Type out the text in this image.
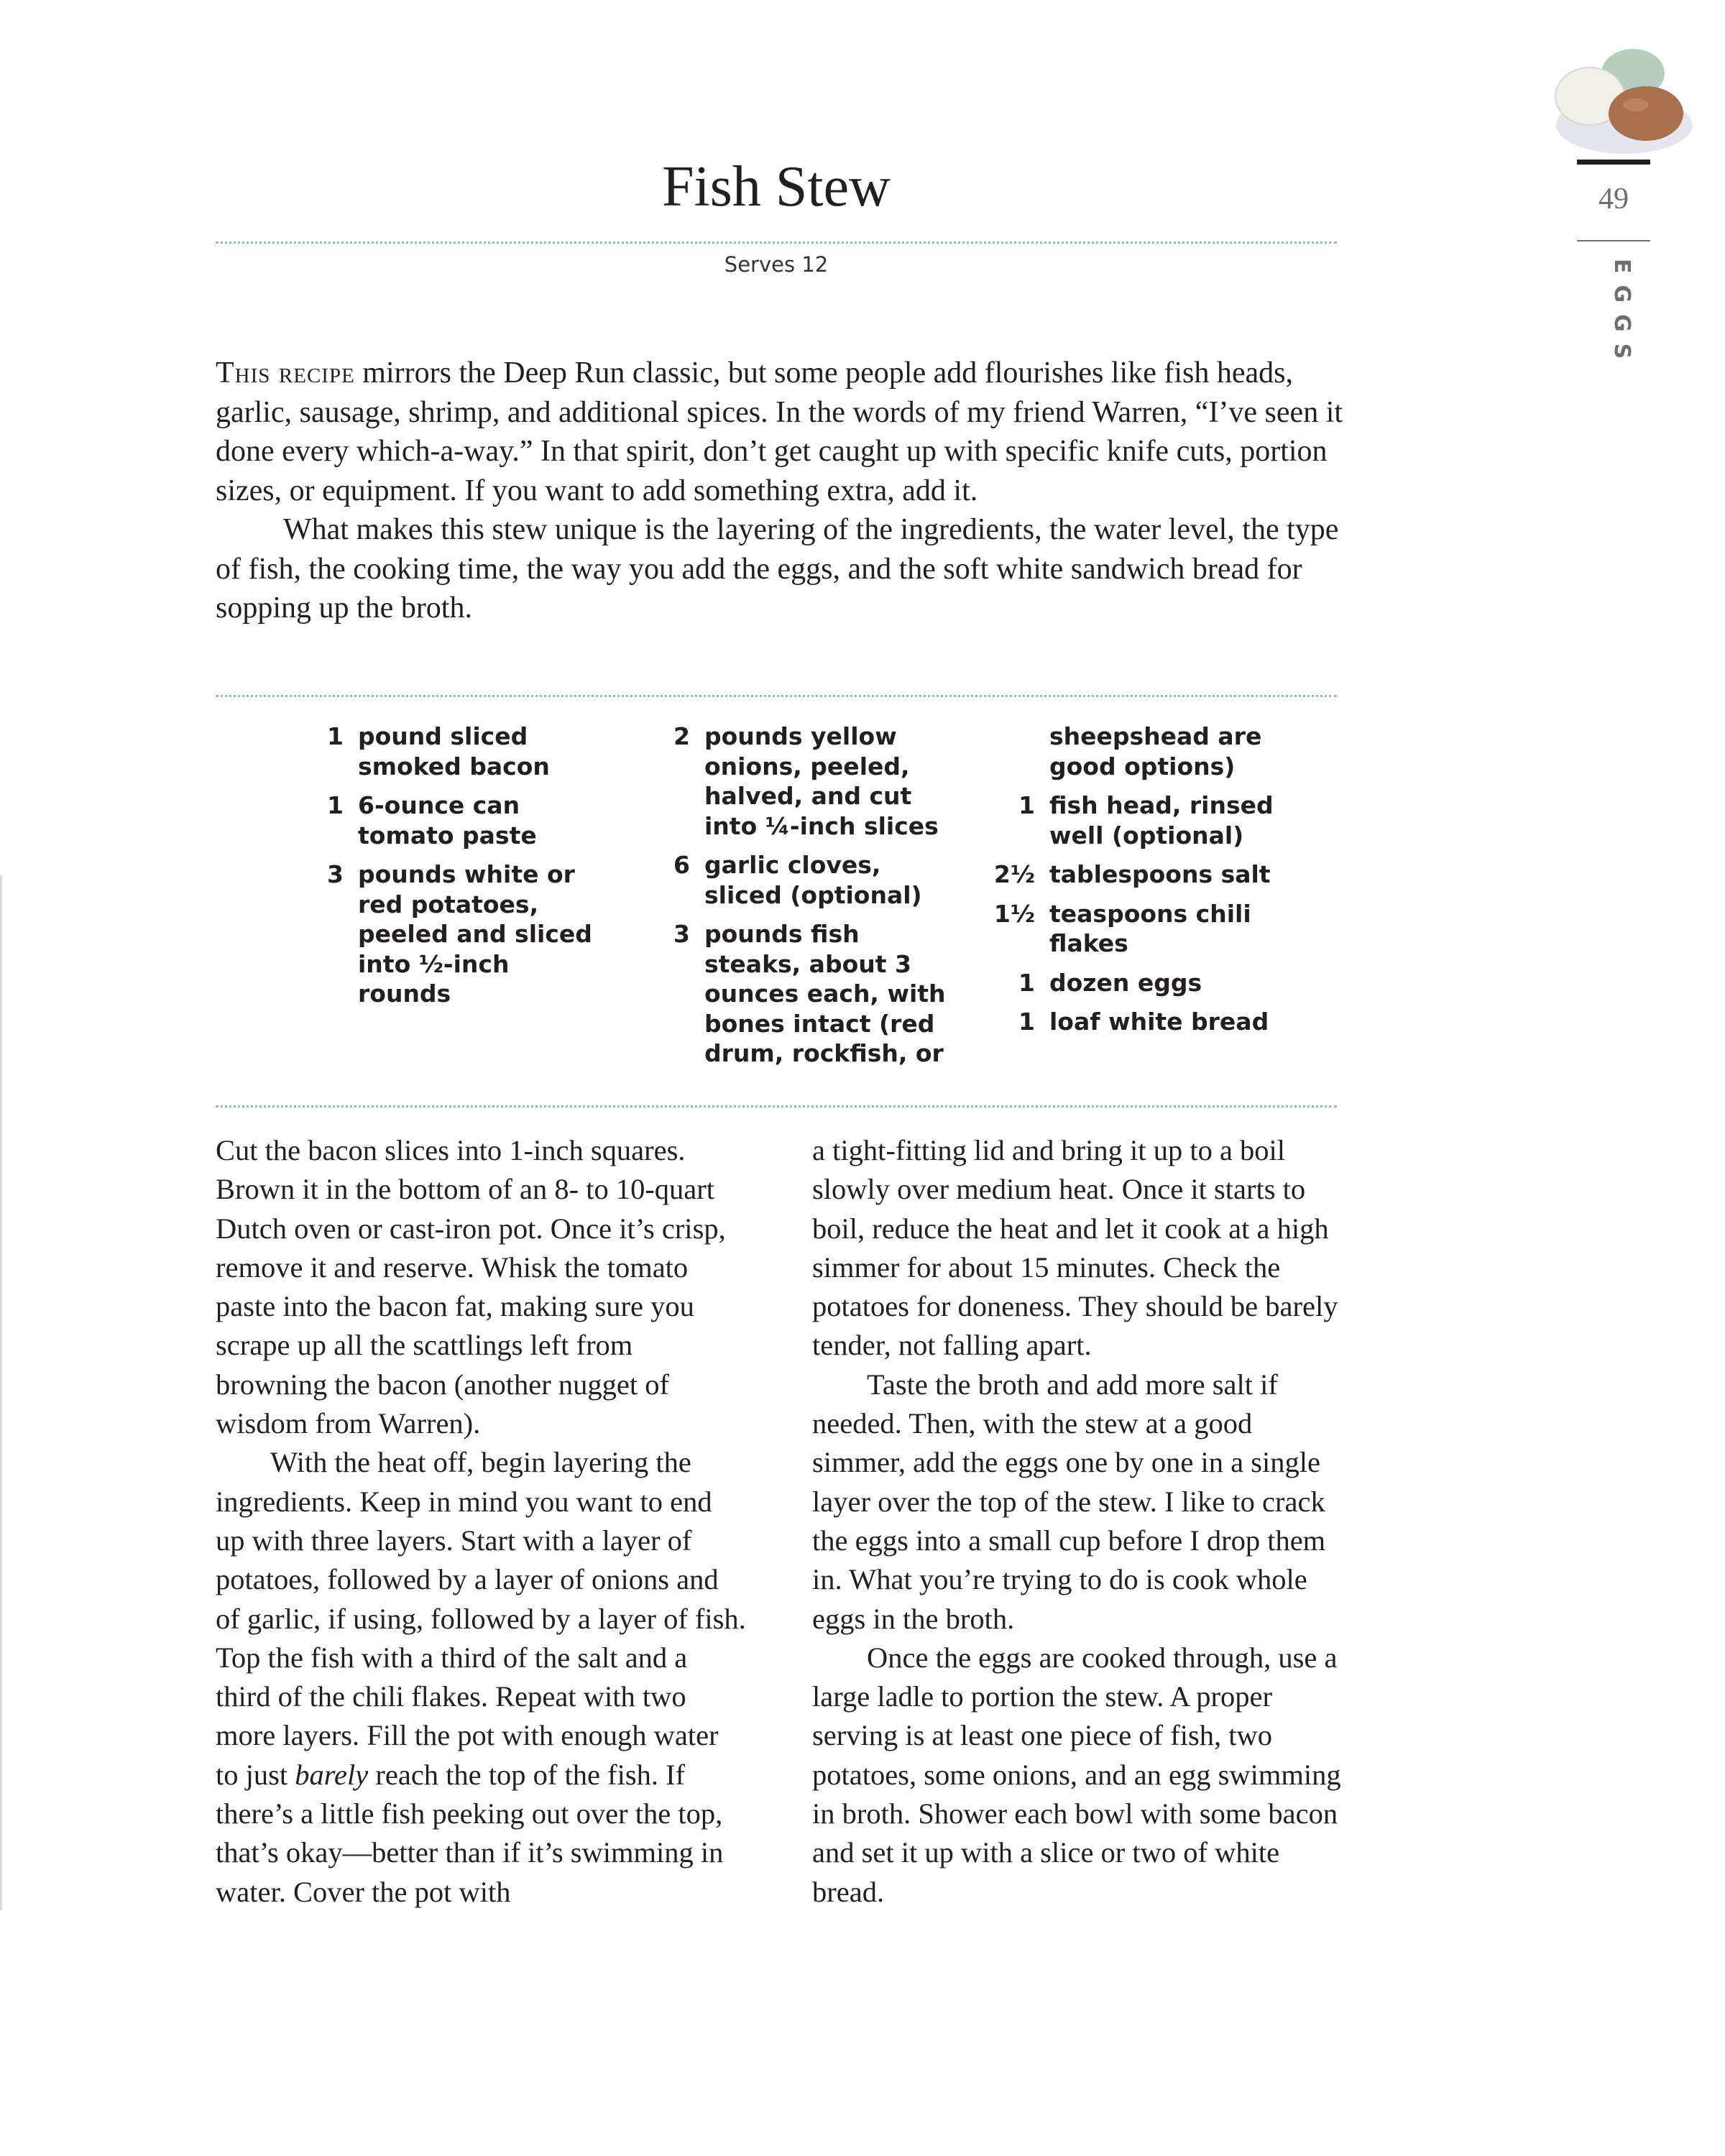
49
EGGS
Fish Stew
Serves 12

This recipe mirrors the Deep Run classic, but some people add flourishes like fish heads, garlic, sausage, shrimp, and additional spices. In the words of my friend Warren, “I’ve seen it done every which-a-way.” In that spirit, don’t get caught up with specific knife cuts, portion sizes, or equipment. If you want to add something extra, add it.

What makes this stew unique is the layering of the ingredients, the water level, the type of fish, the cooking time, the way you add the eggs, and the soft white sandwich bread for sopping up the broth.

1 pound sliced smoked bacon
1 6-ounce can tomato paste
3 pounds white or red potatoes, peeled and sliced into ½-inch rounds
2 pounds yellow onions, peeled, halved, and cut into ¼-inch slices
6 garlic cloves, sliced (optional)
3 pounds fish steaks, about 3 ounces each, with bones intact (red drum, rockfish, or
sheepshead are good options)
1 fish head, rinsed well (optional)
2½ tablespoons salt
1½ teaspoons chili flakes
1 dozen eggs
1 loaf white bread

Cut the bacon slices into 1-inch squares. Brown it in the bottom of an 8- to 10-quart Dutch oven or cast-iron pot. Once it’s crisp, remove it and reserve. Whisk the tomato paste into the bacon fat, making sure you scrape up all the scattlings left from browning the bacon (another nugget of wisdom from Warren).

With the heat off, begin layering the ingredients. Keep in mind you want to end up with three layers. Start with a layer of potatoes, followed by a layer of onions and of garlic, if using, followed by a layer of fish. Top the fish with a third of the salt and a third of the chili flakes. Repeat with two more layers. Fill the pot with enough water to just barely reach the top of the fish. If there’s a little fish peeking out over the top, that’s okay—better than if it’s swimming in water. Cover the pot with

a tight-fitting lid and bring it up to a boil slowly over medium heat. Once it starts to boil, reduce the heat and let it cook at a high simmer for about 15 minutes. Check the potatoes for doneness. They should be barely tender, not falling apart.

Taste the broth and add more salt if needed. Then, with the stew at a good simmer, add the eggs one by one in a single layer over the top of the stew. I like to crack the eggs into a small cup before I drop them in. What you’re trying to do is cook whole eggs in the broth.

Once the eggs are cooked through, use a large ladle to portion the stew. A proper serving is at least one piece of fish, two potatoes, some onions, and an egg swimming in broth. Shower each bowl with some bacon and set it up with a slice or two of white bread.
